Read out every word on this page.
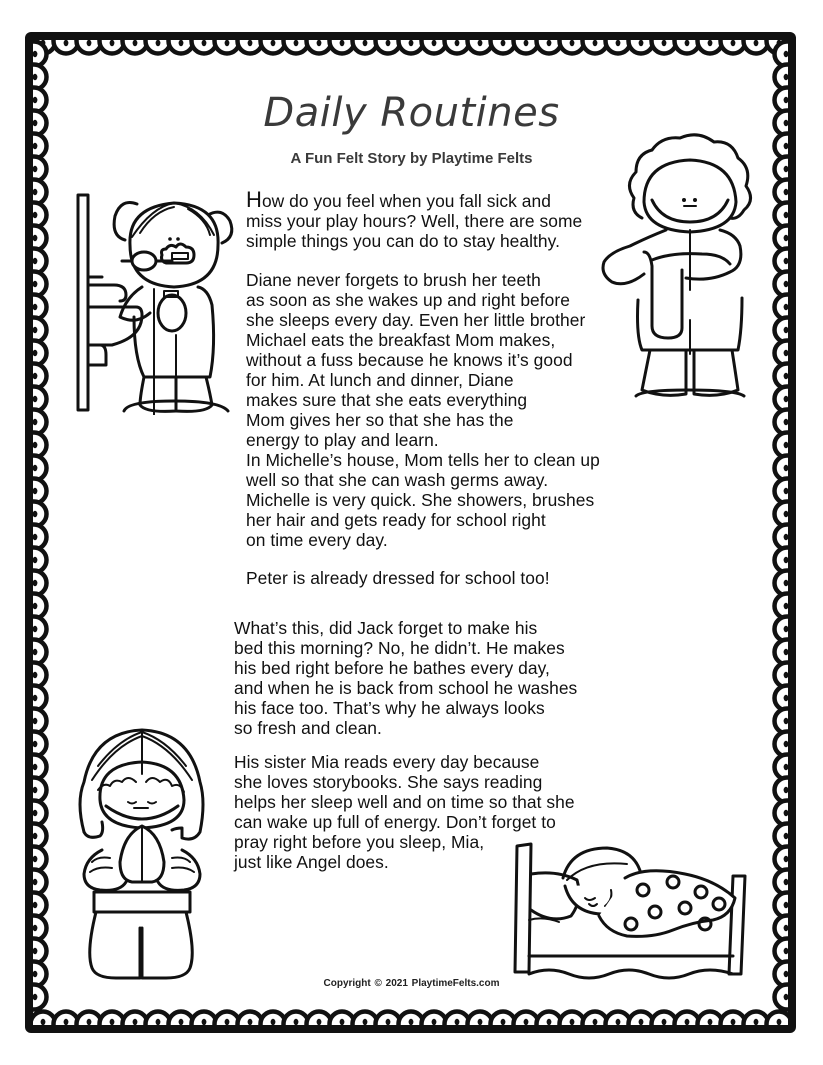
Daily Routines
A Fun Felt Story by Playtime Felts
How do you feel when you fall sick and
miss your play hours? Well, there are some
simple things you can do to stay healthy.
Diane never forgets to brush her teeth
as soon as she wakes up and right before
she sleeps every day. Even her little brother
Michael eats the breakfast Mom makes,
without a fuss because he knows it’s good
for him. At lunch and dinner, Diane
makes sure that she eats everything
Mom gives her so that she has the
energy to play and learn.
In Michelle’s house, Mom tells her to clean up
well so that she can wash germs away.
Michelle is very quick. She showers, brushes
her hair and gets ready for school right
on time every day.
Peter is already dressed for school too!
What’s this, did Jack forget to make his
bed this morning? No, he didn’t. He makes
his bed right before he bathes every day,
and when he is back from school he washes
his face too. That’s why he always looks
so fresh and clean.
His sister Mia reads every day because
she loves storybooks. She says reading
helps her sleep well and on time so that she
can wake up full of energy. Don’t forget to
pray right before you sleep, Mia,
just like Angel does.
Copyright © 2021 PlaytimeFelts.com
